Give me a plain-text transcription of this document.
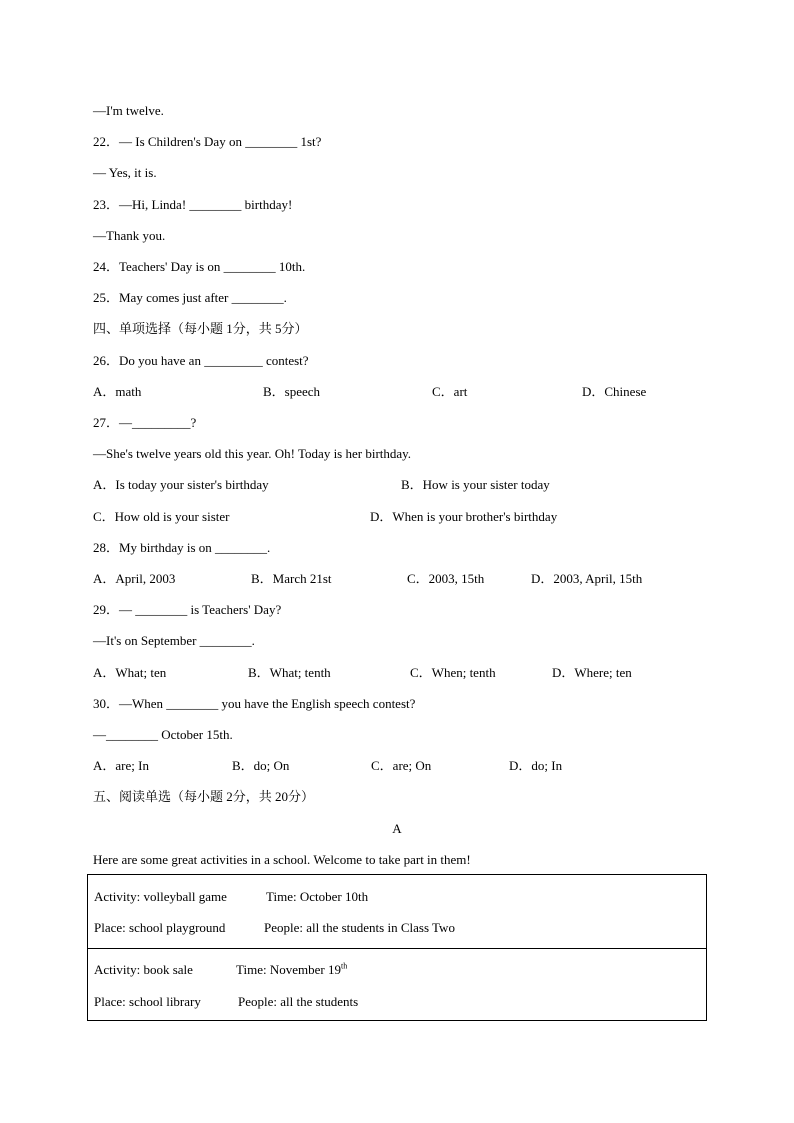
—I'm twelve.
22．— Is Children's Day on ________ 1st?
— Yes, it is.
23．—Hi, Linda! ________ birthday!
—Thank you.
24．Teachers' Day is on ________ 10th.
25．May comes just after ________.
四、单项选择（每小题 1分，共 5分）
26．Do you have an _________ contest?
A．math	B．speech	C．art	D．Chinese
27．—_________?
—She's twelve years old this year. Oh! Today is her birthday.
A．Is today your sister's birthday	B．How is your sister today
C．How old is your sister	D．When is your brother's birthday
28．My birthday is on ________.
A．April, 2003	B．March 21st	C．2003, 15th	D．2003, April, 15th
29．— ________ is Teachers' Day?
—It's on September ________.
A．What; ten	B．What; tenth	C．When; tenth	D．Where; ten
30．—When ________ you have the English speech contest?
—________ October 15th.
A．are; In	B．do; On	C．are; On	D．do; In
五、阅读单选（每小题 2分，共 20分）
A
Here are some great activities in a school. Welcome to take part in them!
Activity: volleyball game	Time: October 10th
Place: school playground	People: all the students in Class Two
Activity: book sale	Time: November 19th
Place: school library	People: all the students
